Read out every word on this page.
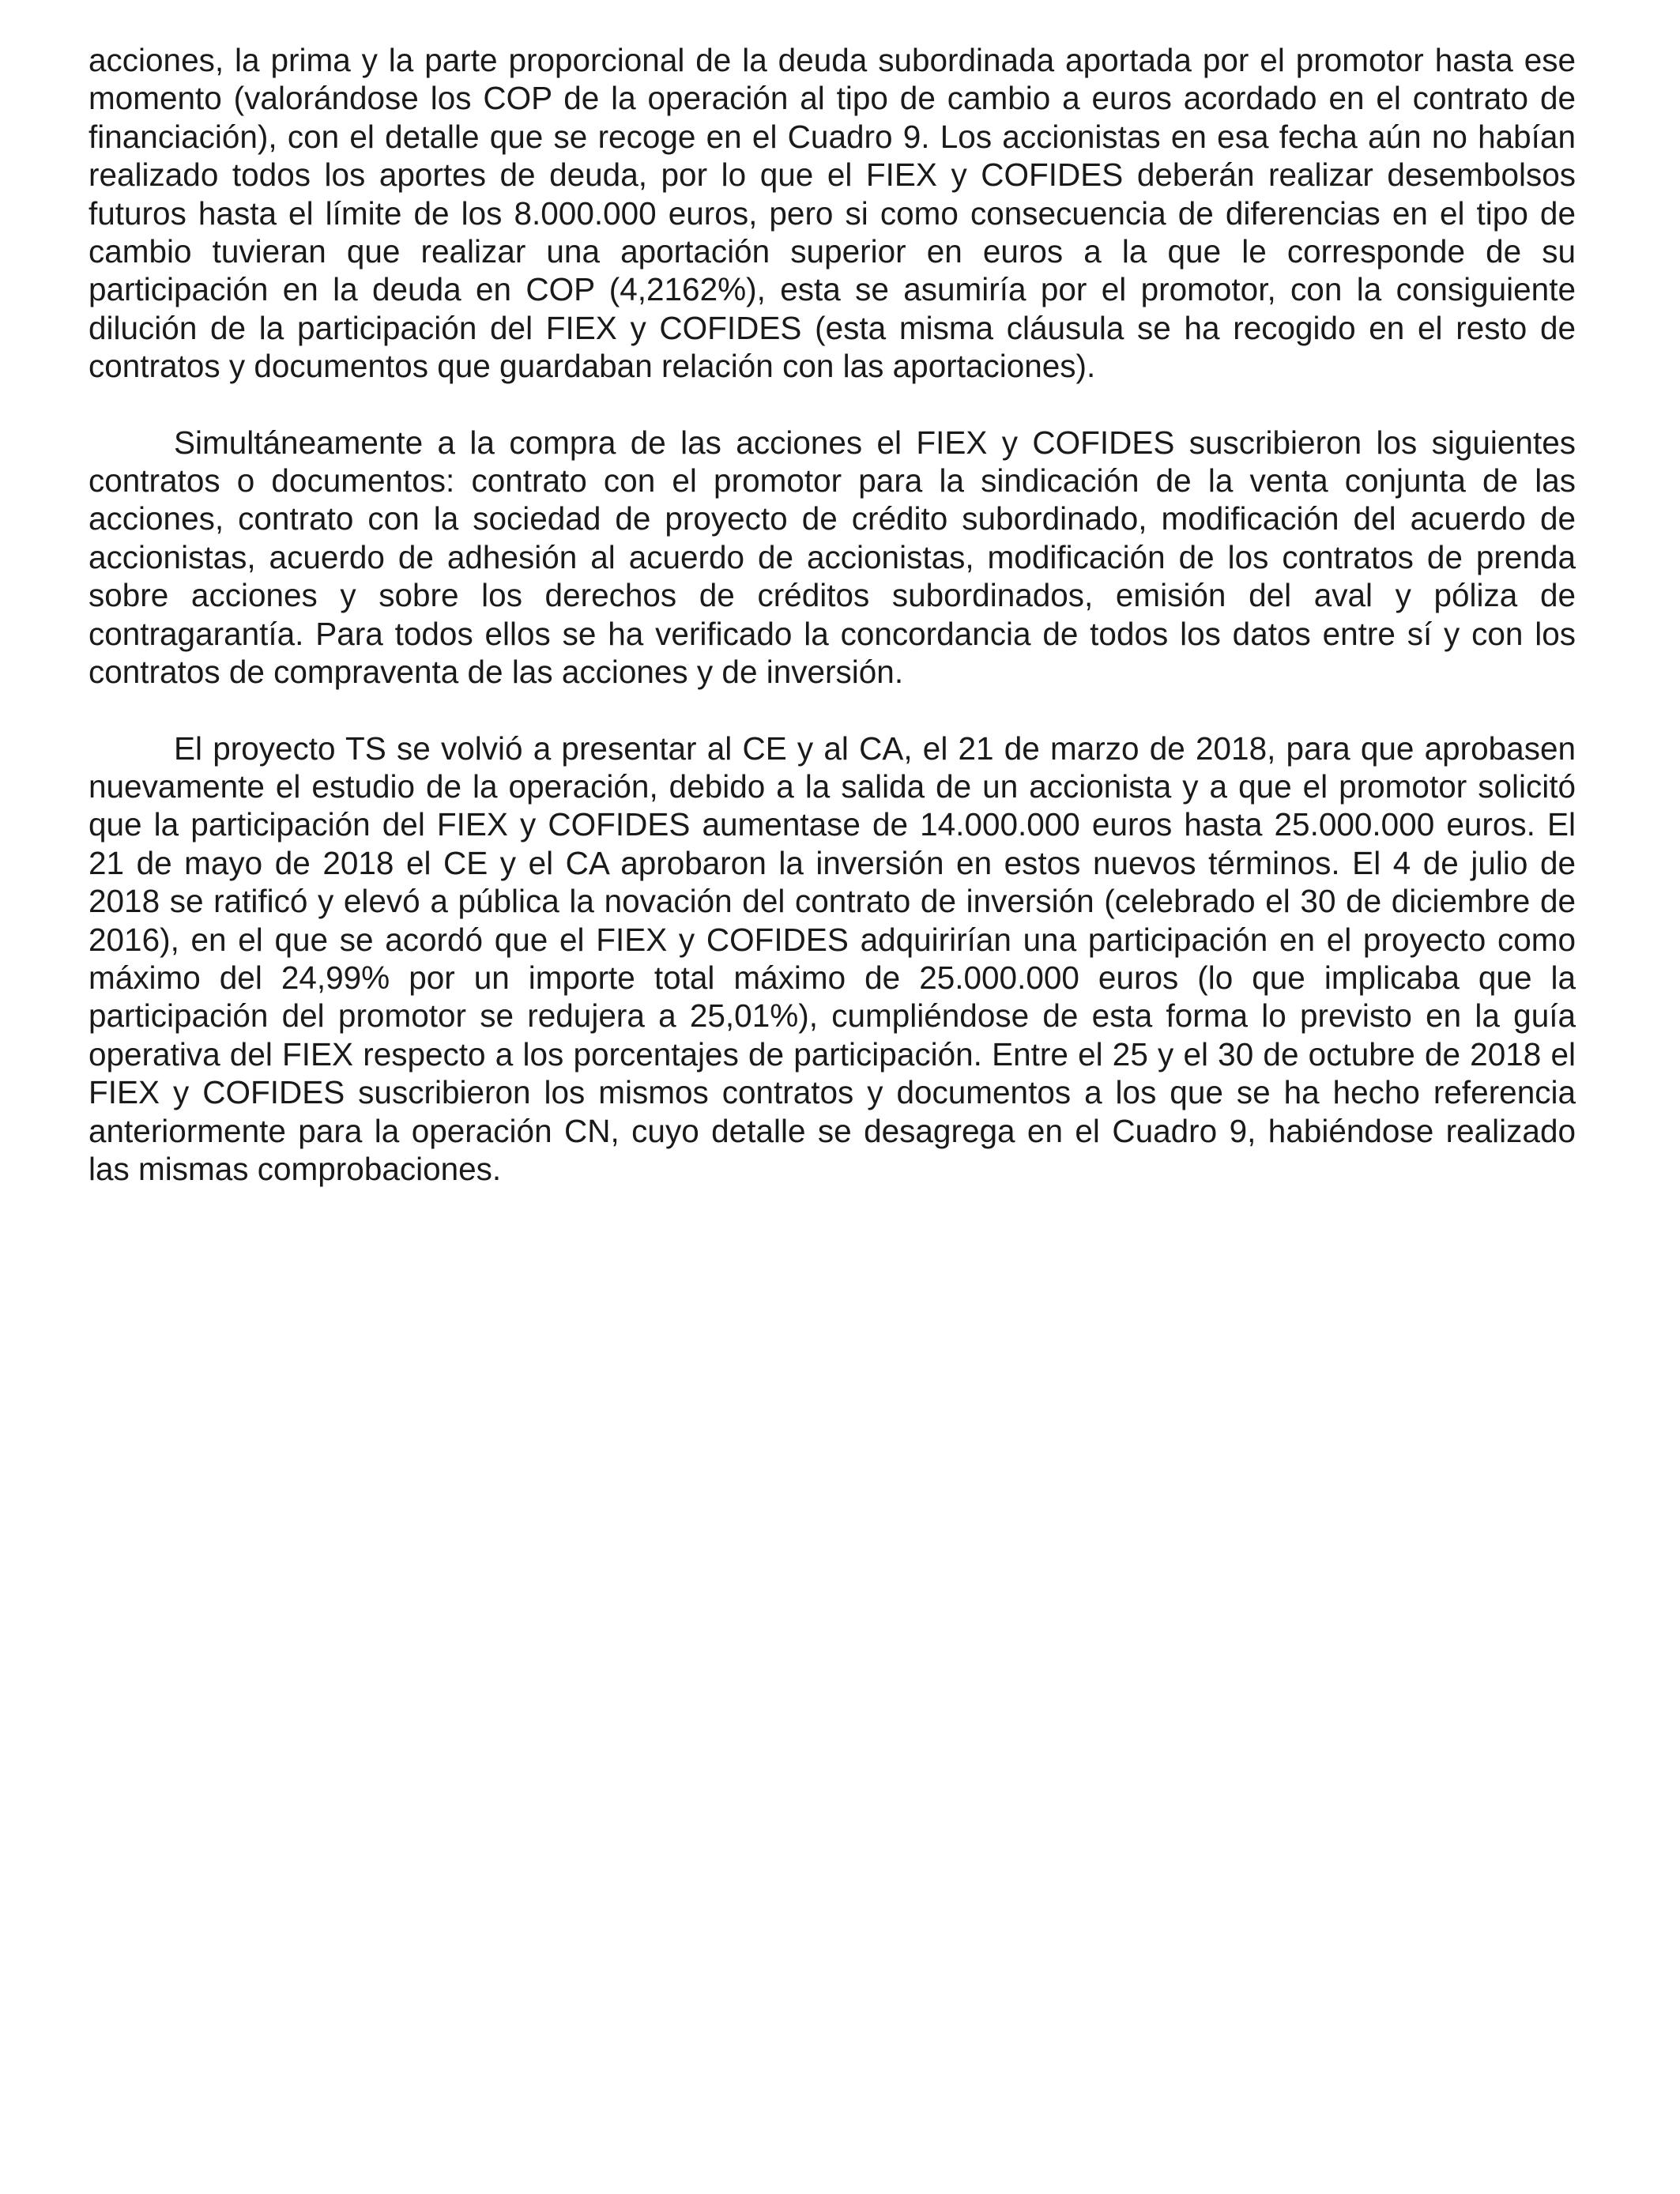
acciones, la prima y la parte proporcional de la deuda subordinada aportada por el promotor hasta ese momento (valorándose los COP de la operación al tipo de cambio a euros acordado en el contrato de financiación), con el detalle que se recoge en el Cuadro 9. Los accionistas en esa fecha aún no habían realizado todos los aportes de deuda, por lo que el FIEX y COFIDES deberán realizar desembolsos futuros hasta el límite de los 8.000.000 euros, pero si como consecuencia de diferencias en el tipo de cambio tuvieran que realizar una aportación superior en euros a la que le corresponde de su participación en la deuda en COP (4,2162%), esta se asumiría por el promotor, con la consiguiente dilución de la participación del FIEX y COFIDES (esta misma cláusula se ha recogido en el resto de contratos y documentos que guardaban relación con las aportaciones).

Simultáneamente a la compra de las acciones el FIEX y COFIDES suscribieron los siguientes contratos o documentos: contrato con el promotor para la sindicación de la venta conjunta de las acciones, contrato con la sociedad de proyecto de crédito subordinado, modificación del acuerdo de accionistas, acuerdo de adhesión al acuerdo de accionistas, modificación de los contratos de prenda sobre acciones y sobre los derechos de créditos subordinados, emisión del aval y póliza de contragarantía. Para todos ellos se ha verificado la concordancia de todos los datos entre sí y con los contratos de compraventa de las acciones y de inversión.

El proyecto TS se volvió a presentar al CE y al CA, el 21 de marzo de 2018, para que aprobasen nuevamente el estudio de la operación, debido a la salida de un accionista y a que el promotor solicitó que la participación del FIEX y COFIDES aumentase de 14.000.000 euros hasta 25.000.000 euros. El 21 de mayo de 2018 el CE y el CA aprobaron la inversión en estos nuevos términos. El 4 de julio de 2018 se ratificó y elevó a pública la novación del contrato de inversión (celebrado el 30 de diciembre de 2016), en el que se acordó que el FIEX y COFIDES adquirirían una participación en el proyecto como máximo del 24,99% por un importe total máximo de 25.000.000 euros (lo que implicaba que la participación del promotor se redujera a 25,01%), cumpliéndose de esta forma lo previsto en la guía operativa del FIEX respecto a los porcentajes de participación. Entre el 25 y el 30 de octubre de 2018 el FIEX y COFIDES suscribieron los mismos contratos y documentos a los que se ha hecho referencia anteriormente para la operación CN, cuyo detalle se desagrega en el Cuadro 9, habiéndose realizado las mismas comprobaciones.
